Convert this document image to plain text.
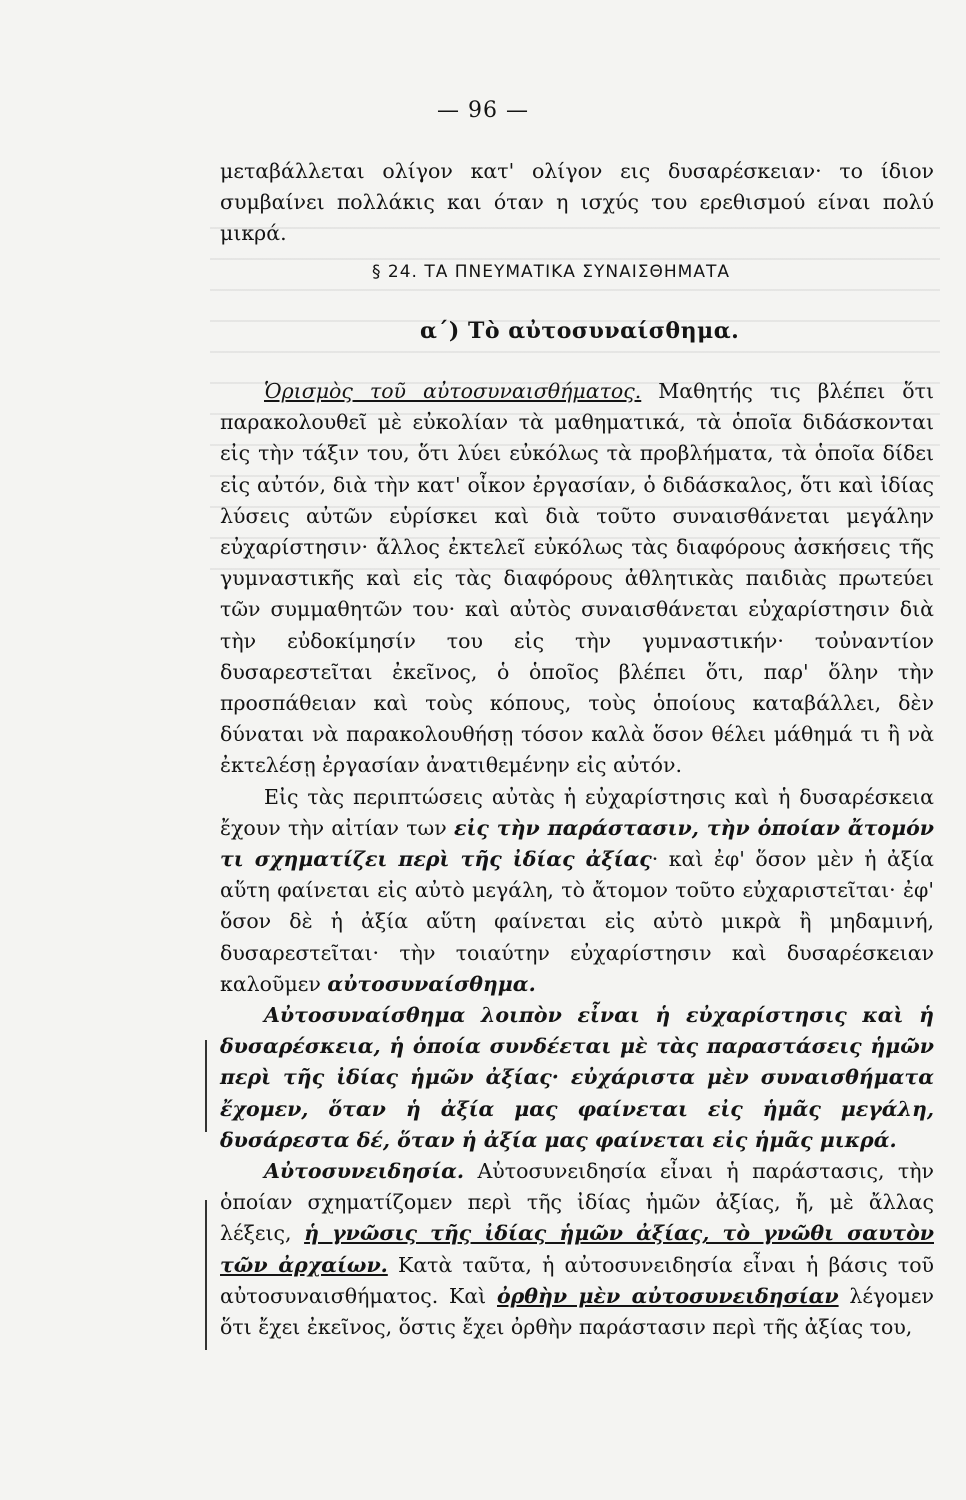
— 96 —

μεταβάλλεται ολίγον κατ' ολίγον εις δυσαρέσκειαν· το ίδιον συμβαίνει πολλάκις και όταν η ισχύς του ερεθισμού είναι πολύ μικρά.

§ 24. ΤΑ ΠΝΕΥΜΑΤΙΚΑ ΣΥΝΑΙΣΘΗΜΑΤΑ
α΄) Τὸ αὐτοσυναίσθημα.

Ὁρισμὸς τοῦ αὐτοσυναισθήματος. Μαθητής τις βλέπει ὅτι παρακολουθεῖ μὲ εὐκολίαν τὰ μαθηματικά, τὰ ὁποῖα διδάσκονται εἰς τὴν τάξιν του, ὅτι λύει εὐκόλως τὰ προβλήματα, τὰ ὁποῖα δίδει εἰς αὐτόν, διὰ τὴν κατ' οἶκον ἐργασίαν, ὁ διδάσκαλος, ὅτι καὶ ἰδίας λύσεις αὐτῶν εὑρίσκει καὶ διὰ τοῦτο συναισθάνεται μεγάλην εὐχαρίστησιν· ἄλλος ἐκτελεῖ εὐκόλως τὰς διαφόρους ἀσκήσεις τῆς γυμναστικῆς καὶ εἰς τὰς διαφόρους ἀθλητικὰς παιδιὰς πρωτεύει τῶν συμμαθητῶν του· καὶ αὐτὸς συναισθάνεται εὐχαρίστησιν διὰ τὴν εὐδοκίμησίν του εἰς τὴν γυμναστικήν· τοὐναντίον δυσαρεστεῖται ἐκεῖνος, ὁ ὁποῖος βλέπει ὅτι, παρ' ὅλην τὴν προσπάθειαν καὶ τοὺς κόπους, τοὺς ὁποίους καταβάλλει, δὲν δύναται νὰ παρακολουθήσῃ τόσον καλὰ ὅσον θέλει μάθημά τι ἢ νὰ ἐκτελέσῃ ἐργασίαν ἀνατιθεμένην εἰς αὐτόν.

Εἰς τὰς περιπτώσεις αὐτὰς ἡ εὐχαρίστησις καὶ ἡ δυσαρέσκεια ἔχουν τὴν αἰτίαν των εἰς τὴν παράστασιν, τὴν ὁποίαν ἄτομόν τι σχηματίζει περὶ τῆς ἰδίας ἀξίας· καὶ ἐφ' ὅσον μὲν ἡ ἀξία αὕτη φαίνεται εἰς αὐτὸ μεγάλη, τὸ ἄτομον τοῦτο εὐχαριστεῖται· ἐφ' ὅσον δὲ ἡ ἀξία αὕτη φαίνεται εἰς αὐτὸ μικρὰ ἢ μηδαμινή, δυσαρεστεῖται· τὴν τοιαύτην εὐχαρίστησιν καὶ δυσαρέσκειαν καλοῦμεν αὐτοσυναίσθημα.

Αὐτοσυναίσθημα λοιπὸν εἶναι ἡ εὐχαρίστησις καὶ ἡ δυσαρέσκεια, ἡ ὁποία συνδέεται μὲ τὰς παραστάσεις ἡμῶν περὶ τῆς ἰδίας ἡμῶν ἀξίας· εὐχάριστα μὲν συναισθήματα ἔχομεν, ὅταν ἡ ἀξία μας φαίνεται εἰς ἡμᾶς μεγάλη, δυσάρεστα δέ, ὅταν ἡ ἀξία μας φαίνεται εἰς ἡμᾶς μικρά.

Αὐτοσυνειδησία. Αὐτοσυνειδησία εἶναι ἡ παράστασις, τὴν ὁποίαν σχηματίζομεν περὶ τῆς ἰδίας ἡμῶν ἀξίας, ἤ, μὲ ἄλλας λέξεις, ἡ γνῶσις τῆς ἰδίας ἡμῶν ἀξίας, τὸ γνῶθι σαυτὸν τῶν ἀρχαίων. Κατὰ ταῦτα, ἡ αὐτοσυνειδησία εἶναι ἡ βάσις τοῦ αὐτοσυναισθήματος. Καὶ ὀρθὴν μὲν αὐτοσυνειδησίαν λέγομεν ὅτι ἔχει ἐκεῖνος, ὅστις ἔχει ὀρθὴν παράστασιν περὶ τῆς ἀξίας του,
